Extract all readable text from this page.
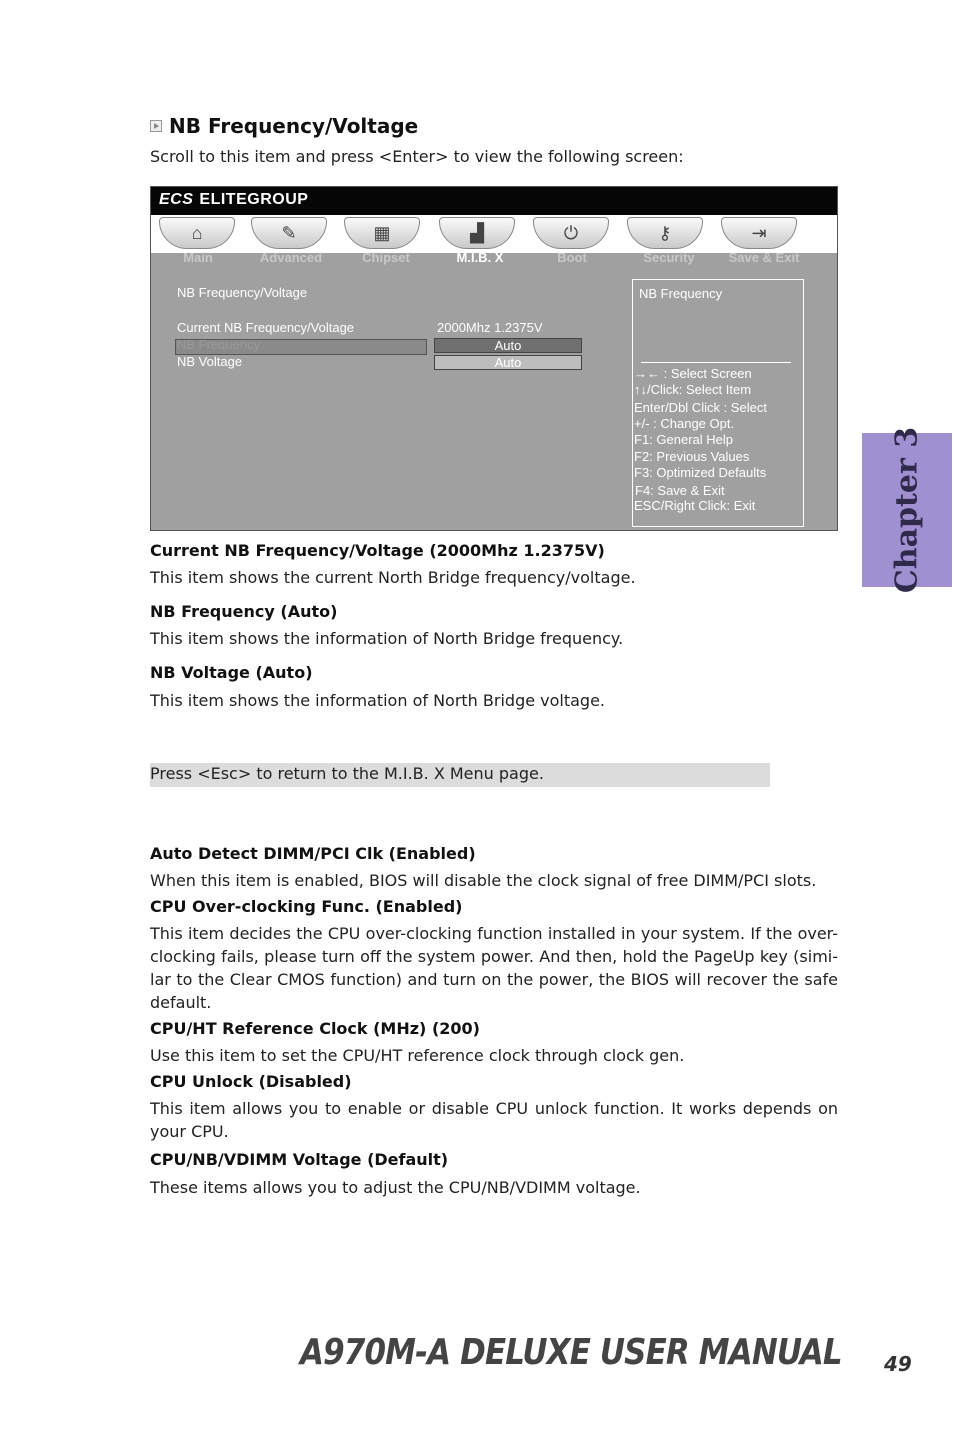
NB Frequency/Voltage
Scroll to this item and press <Enter> to view the following screen:
ECS ELITEGROUP
⌂	✎	▦	▟	⏻	⚷	⇥
Main	Advanced	Chipset	M.I.B. X	Boot	Security	Save & Exit
NB Frequency/Voltage
Current NB Frequency/Voltage	2000Mhz 1.2375V
NB Frequency	Auto
NB Voltage	Auto
NB Frequency
→← : Select Screen
↑↓/Click: Select Item
Enter/Dbl Click : Select
+/- : Change Opt.
F1: General Help
F2: Previous Values
F3: Optimized Defaults
F4: Save & Exit
ESC/Right Click: Exit	Chapter 3
Current NB Frequency/Voltage (2000Mhz 1.2375V)
This item shows the current North Bridge frequency/voltage.
NB Frequency (Auto)
This item shows the information of North Bridge frequency.
NB Voltage (Auto)
This item shows the information of North Bridge voltage.
Press <Esc> to return to the M.I.B. X Menu page.
Auto Detect DIMM/PCI Clk (Enabled)
When this item is enabled, BIOS will disable the clock signal of free DIMM/PCI slots.
CPU Over-clocking Func. (Enabled)
This item decides the CPU over-clocking function installed in your system. If the over-clocking fails, please turn off the system power. And then, hold the PageUp key (simi-lar to the Clear CMOS function) and turn on the power, the BIOS will recover the safe default.
CPU/HT Reference Clock (MHz) (200)
Use this item to set the CPU/HT reference clock through clock gen.
CPU Unlock (Disabled)
This item allows you to enable or disable CPU unlock function. It works depends on your CPU.
CPU/NB/VDIMM Voltage (Default)
These items allows you to adjust the CPU/NB/VDIMM voltage.
A970M-A DELUXE USER MANUAL 49
